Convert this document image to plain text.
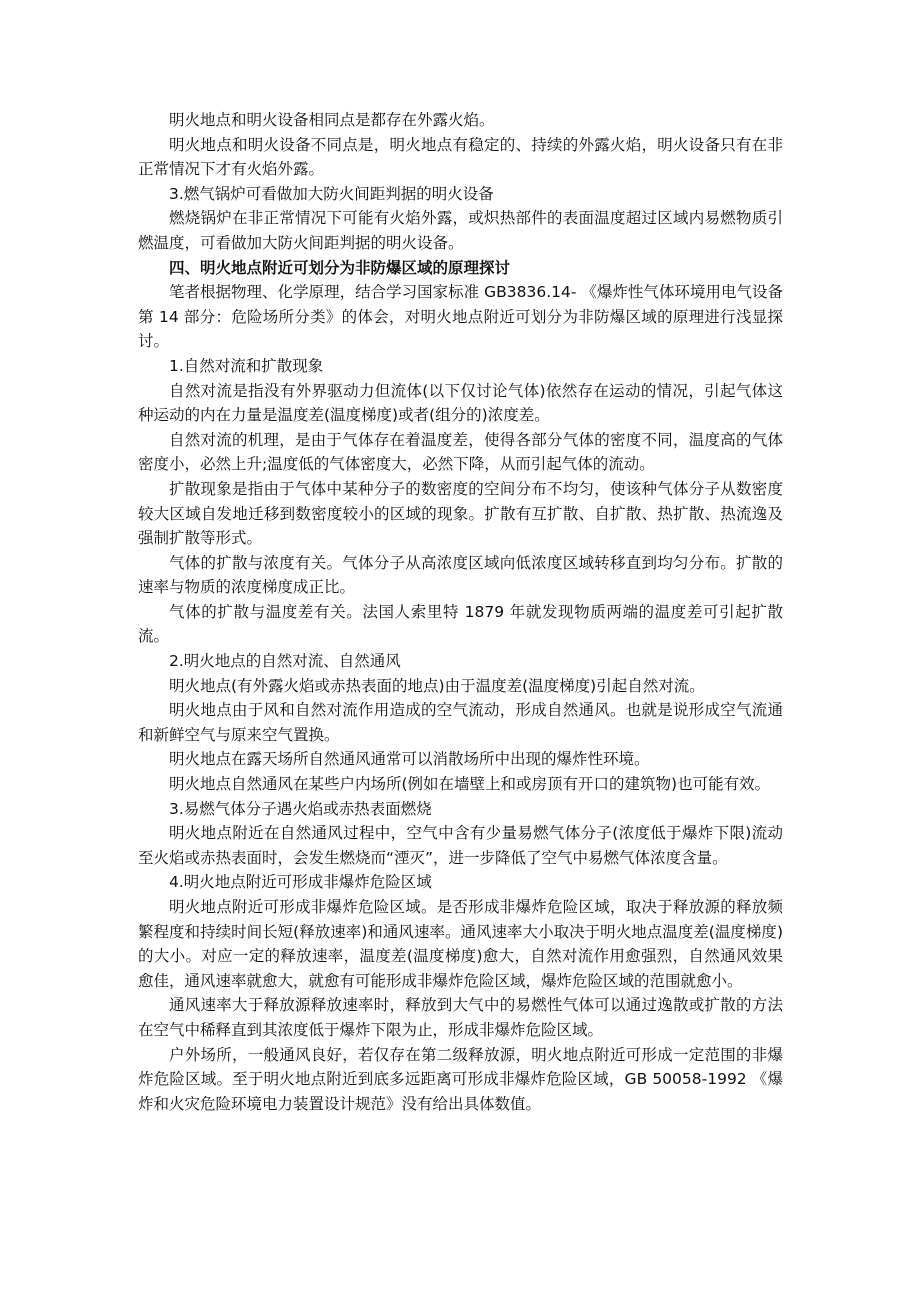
明火地点和明火设备相同点是都存在外露火焰。

明火地点和明火设备不同点是，明火地点有稳定的、持续的外露火焰，明火设备只有在非正常情况下才有火焰外露。

3.燃气锅炉可看做加大防火间距判据的明火设备

燃烧锅炉在非正常情况下可能有火焰外露，或炽热部件的表面温度超过区域内易燃物质引燃温度，可看做加大防火间距判据的明火设备。

四、明火地点附近可划分为非防爆区域的原理探讨

笔者根据物理、化学原理，结合学习国家标准 GB3836.14- 《爆炸性气体环境用电气设备 第 14 部分：危险场所分类》的体会，对明火地点附近可划分为非防爆区域的原理进行浅显探讨。

1.自然对流和扩散现象

自然对流是指没有外界驱动力但流体(以下仅讨论气体)依然存在运动的情况，引起气体这种运动的内在力量是温度差(温度梯度)或者(组分的)浓度差。

自然对流的机理，是由于气体存在着温度差，使得各部分气体的密度不同，温度高的气体密度小，必然上升;温度低的气体密度大，必然下降，从而引起气体的流动。

扩散现象是指由于气体中某种分子的数密度的空间分布不均匀，使该种气体分子从数密度较大区域自发地迁移到数密度较小的区域的现象。扩散有互扩散、自扩散、热扩散、热流逸及强制扩散等形式。

气体的扩散与浓度有关。气体分子从高浓度区域向低浓度区域转移直到均匀分布。扩散的速率与物质的浓度梯度成正比。

气体的扩散与温度差有关。法国人索里特 1879 年就发现物质两端的温度差可引起扩散流。

2.明火地点的自然对流、自然通风

明火地点(有外露火焰或赤热表面的地点)由于温度差(温度梯度)引起自然对流。

明火地点由于风和自然对流作用造成的空气流动，形成自然通风。也就是说形成空气流通和新鲜空气与原来空气置换。

明火地点在露天场所自然通风通常可以消散场所中出现的爆炸性环境。

明火地点自然通风在某些户内场所(例如在墙壁上和或房顶有开口的建筑物)也可能有效。

3.易燃气体分子遇火焰或赤热表面燃烧

明火地点附近在自然通风过程中，空气中含有少量易燃气体分子(浓度低于爆炸下限)流动至火焰或赤热表面时，会发生燃烧而“湮灭”，进一步降低了空气中易燃气体浓度含量。

4.明火地点附近可形成非爆炸危险区域

明火地点附近可形成非爆炸危险区域。是否形成非爆炸危险区域，取决于释放源的释放频繁程度和持续时间长短(释放速率)和通风速率。通风速率大小取决于明火地点温度差(温度梯度)的大小。对应一定的释放速率，温度差(温度梯度)愈大，自然对流作用愈强烈，自然通风效果愈佳，通风速率就愈大，就愈有可能形成非爆炸危险区域，爆炸危险区域的范围就愈小。

通风速率大于释放源释放速率时，释放到大气中的易燃性气体可以通过逸散或扩散的方法在空气中稀释直到其浓度低于爆炸下限为止，形成非爆炸危险区域。

户外场所，一般通风良好，若仅存在第二级释放源，明火地点附近可形成一定范围的非爆炸危险区域。至于明火地点附近到底多远距离可形成非爆炸危险区域，GB 50058-1992 《爆炸和火灾危险环境电力装置设计规范》没有给出具体数值。
